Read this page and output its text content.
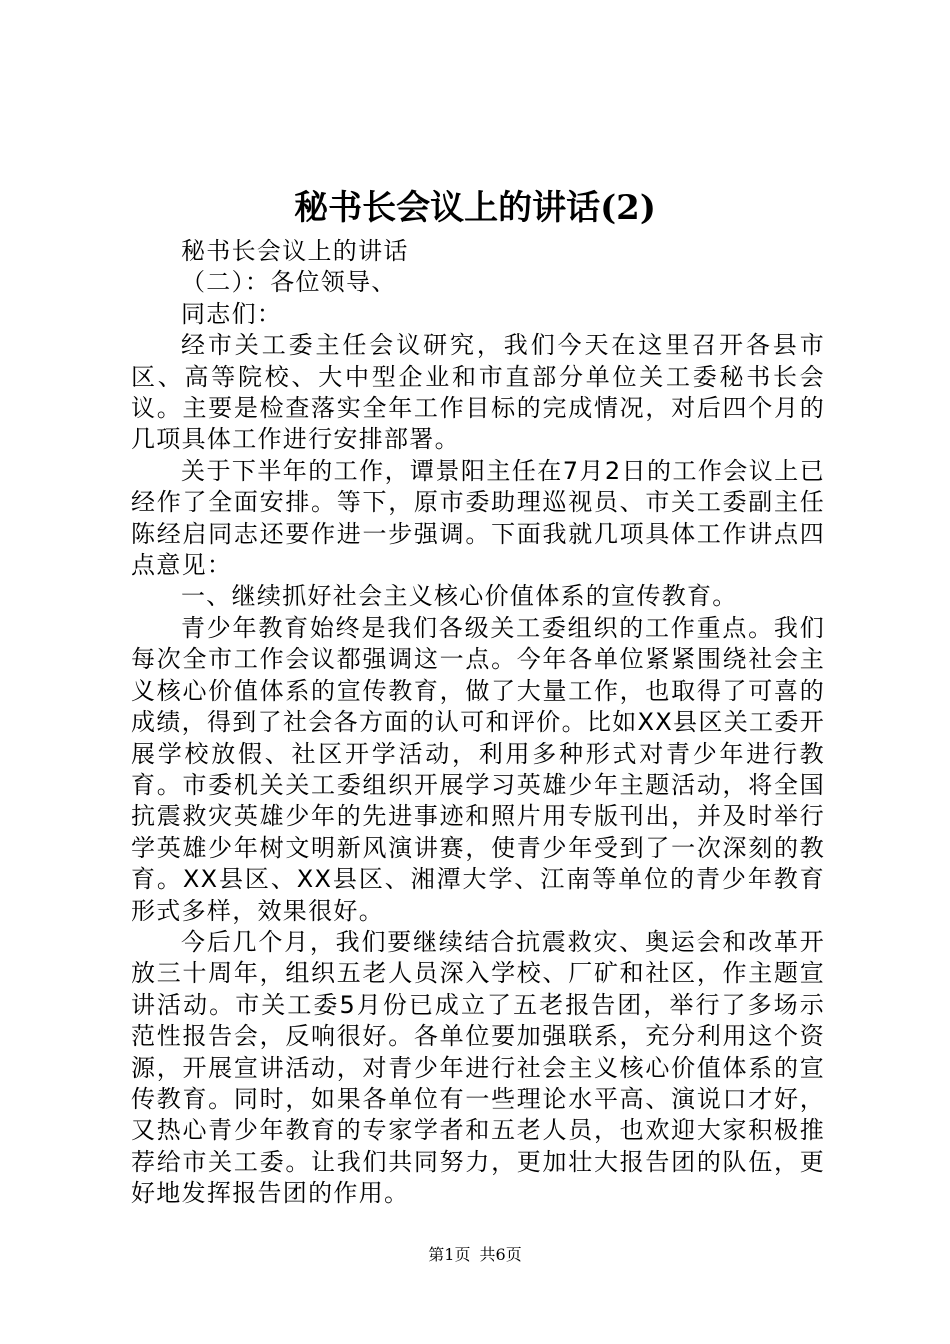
秘书长会议上的讲话(2)

秘书长会议上的讲话

（二）：各位领导、

同志们：

经市关工委主任会议研究，我们今天在这里召开各县市区、高等院校、大中型企业和市直部分单位关工委秘书长会议。主要是检查落实全年工作目标的完成情况，对后四个月的几项具体工作进行安排部署。

关于下半年的工作，谭景阳主任在7月2日的工作会议上已经作了全面安排。等下，原市委助理巡视员、市关工委副主任陈经启同志还要作进一步强调。下面我就几项具体工作讲点四点意见：

一、继续抓好社会主义核心价值体系的宣传教育。

青少年教育始终是我们各级关工委组织的工作重点。我们每次全市工作会议都强调这一点。今年各单位紧紧围绕社会主义核心价值体系的宣传教育，做了大量工作，也取得了可喜的成绩，得到了社会各方面的认可和评价。比如XX县区关工委开展学校放假、社区开学活动，利用多种形式对青少年进行教育。市委机关关工委组织开展学习英雄少年主题活动，将全国抗震救灾英雄少年的先进事迹和照片用专版刊出，并及时举行学英雄少年树文明新风演讲赛，使青少年受到了一次深刻的教育。XX县区、XX县区、湘潭大学、江南等单位的青少年教育形式多样，效果很好。

今后几个月，我们要继续结合抗震救灾、奥运会和改革开放三十周年，组织五老人员深入学校、厂矿和社区，作主题宣讲活动。市关工委5月份已成立了五老报告团，举行了多场示范性报告会，反响很好。各单位要加强联系，充分利用这个资源，开展宣讲活动，对青少年进行社会主义核心价值体系的宣传教育。同时，如果各单位有一些理论水平高、演说口才好，又热心青少年教育的专家学者和五老人员，也欢迎大家积极推荐给市关工委。让我们共同努力，更加壮大报告团的队伍，更好地发挥报告团的作用。

第1页 共6页
